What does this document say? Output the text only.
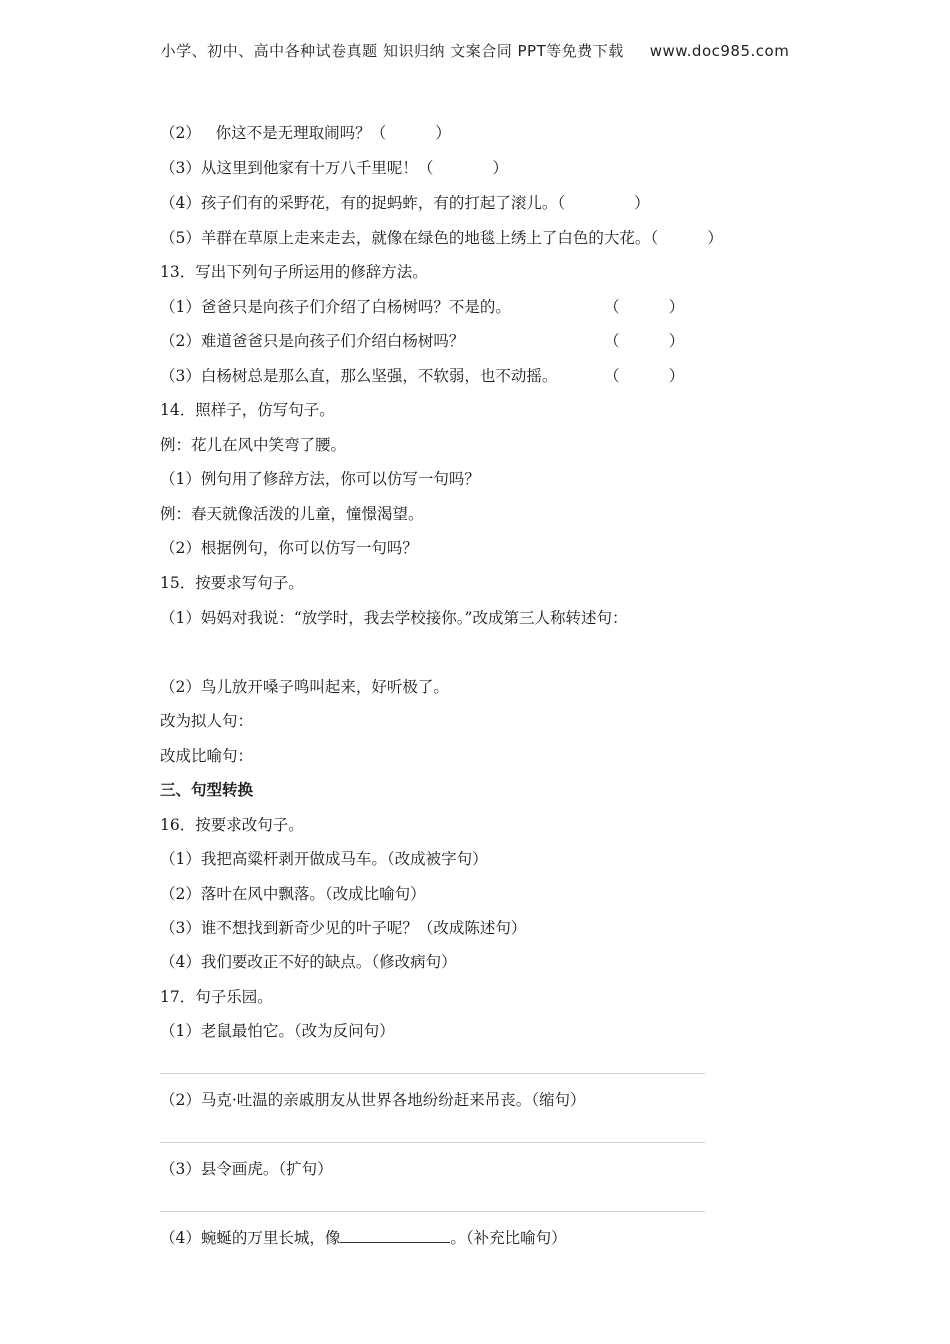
小学、初中、高中各种试卷真题 知识归纳 文案合同 PPT等免费下载 www.doc985.com
（2）   你这不是无理取闹吗？（          ）
（3）从这里到他家有十万八千里呢！（            ）
（4）孩子们有的采野花，有的捉蚂蚱，有的打起了滚儿。（              ）
（5）羊群在草原上走来走去，就像在绿色的地毯上绣上了白色的大花。（          ）
13．写出下列句子所运用的修辞方法。
（1）爸爸只是向孩子们介绍了白杨树吗？不是的。	（          ）
（2）难道爸爸只是向孩子们介绍白杨树吗？	（          ）
（3）白杨树总是那么直，那么坚强，不软弱，也不动摇。	（          ）
14．照样子，仿写句子。
例：花儿在风中笑弯了腰。
（1）例句用了修辞方法，你可以仿写一句吗？
例：春天就像活泼的儿童，憧憬渴望。
（2）根据例句，你可以仿写一句吗？
15．按要求写句子。
（1）妈妈对我说：“放学时，我去学校接你。”改成第三人称转述句：
（2）鸟儿放开嗓子鸣叫起来，好听极了。
改为拟人句：
改成比喻句：
三、句型转换
16．按要求改句子。
（1）我把高粱杆剥开做成马车。（改成被字句）
（2）落叶在风中飘落。（改成比喻句）
（3）谁不想找到新奇少见的叶子呢？（改成陈述句）
（4）我们要改正不好的缺点。（修改病句）
17．句子乐园。
（1）老鼠最怕它。（改为反问句）
（2）马克·吐温的亲戚朋友从世界各地纷纷赶来吊丧。（缩句）
（3）县令画虎。（扩句）
（4）蜿蜒的万里长城，像	。（补充比喻句）
